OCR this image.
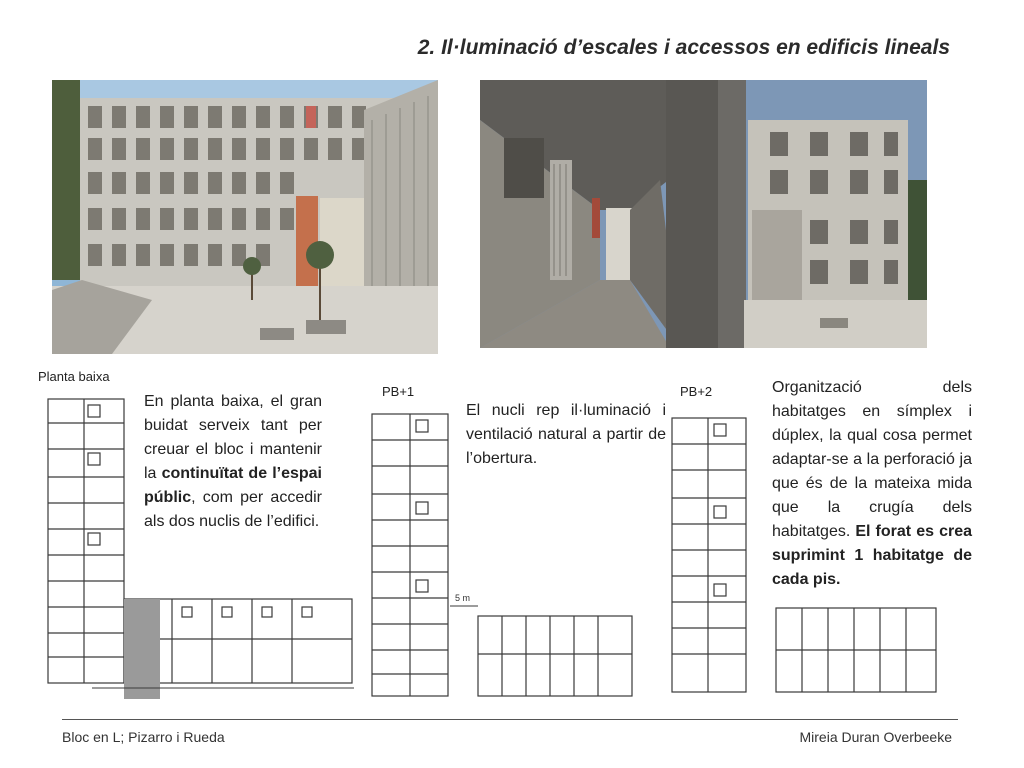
2. Il·luminació d’escales i accessos en edificis lineals
Planta baixa
En planta baixa, el gran buidat serveix tant per creuar el bloc i mantenir la continuïtat de l’espai públic, com per accedir als dos nuclis de l’edifici.
PB+1
5 m
El nucli rep il·luminació i ventilació natural a partir de l’obertura.
PB+2	Organització dels habitatges en símplex i dúplex, la qual cosa permet adaptar-se a la perforació ja que és de la mateixa mida que la crugía dels habitatges. El forat es crea suprimint 1 habitatge de cada pis.
Bloc en L; Pizarro i Rueda	Mireia Duran Overbeeke
